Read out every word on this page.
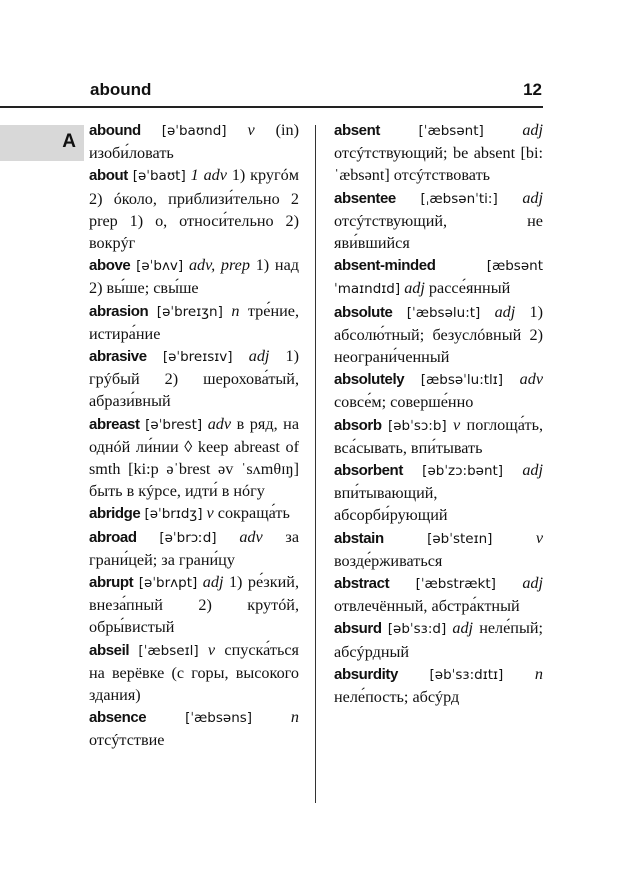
abound	12
A

abound [əˈbaʊnd] v (in) изоби́ловать

about [əˈbaʊt] 1 adv 1) кругóм 2) óколо, приблизи́тельно 2 prep 1) о, относи́тельно 2) вокрýг

above [əˈbʌv] adv, prep 1) над 2) вы́ше; свы́ше

abrasion [əˈbreɪʒn] n тре́ние, истира́ние

abrasive [əˈbreɪsɪv] adj 1) грýбый 2) шерохова́тый, абрази́вный

abreast [əˈbrest] adv в ряд, на однóй ли́нии ◊ keep abreast of smth [ki:p əˈbrest əv ˈsʌmθɪŋ] быть в кýрсе, идти́ в нóгу

abridge [əˈbrɪdʒ] v сокраща́ть

abroad [əˈbrɔːd] adv за грани́цей; за грани́цу

abrupt [əˈbrʌpt] adj 1) ре́зкий, внеза́пный 2) крутóй, обры́вистый

abseil [ˈæbseɪl] v спуска́ться на верёвке (с горы, высокого здания)

absence	[ˈæbsəns] n отсýтствие

absent	[ˈæbsənt] adj отсýтствующий; be absent [bi: ˈæbsənt] отсýтствовать

absentee [ˌæbsənˈti:] adj отсýтствующий, не яви́вшийся

absent-minded	[æbsəntˈmaɪndɪd] adj рассе́янный

absolute [ˈæbsəlu:t] adj 1) абсолю́тный; безуслóвный 2) неограни́ченный

absolutely [æbsəˈlu:tlɪ] adv совсе́м; соверше́нно

absorb [əbˈsɔ:b] v поглоща́ть, вса́сывать, впи́тывать

absorbent [əbˈzɔ:bənt] adj впи́тывающий, абсорби́рующий

abstain	[əbˈsteɪn]	v возде́рживаться

abstract [ˈæbstrækt] adj отвлечённый, абстра́ктный

absurd [əbˈsɜ:d] adj неле́пый; абсýрдный

absurdity [əbˈsɜ:dɪtɪ] n неле́пость; абсýрд
